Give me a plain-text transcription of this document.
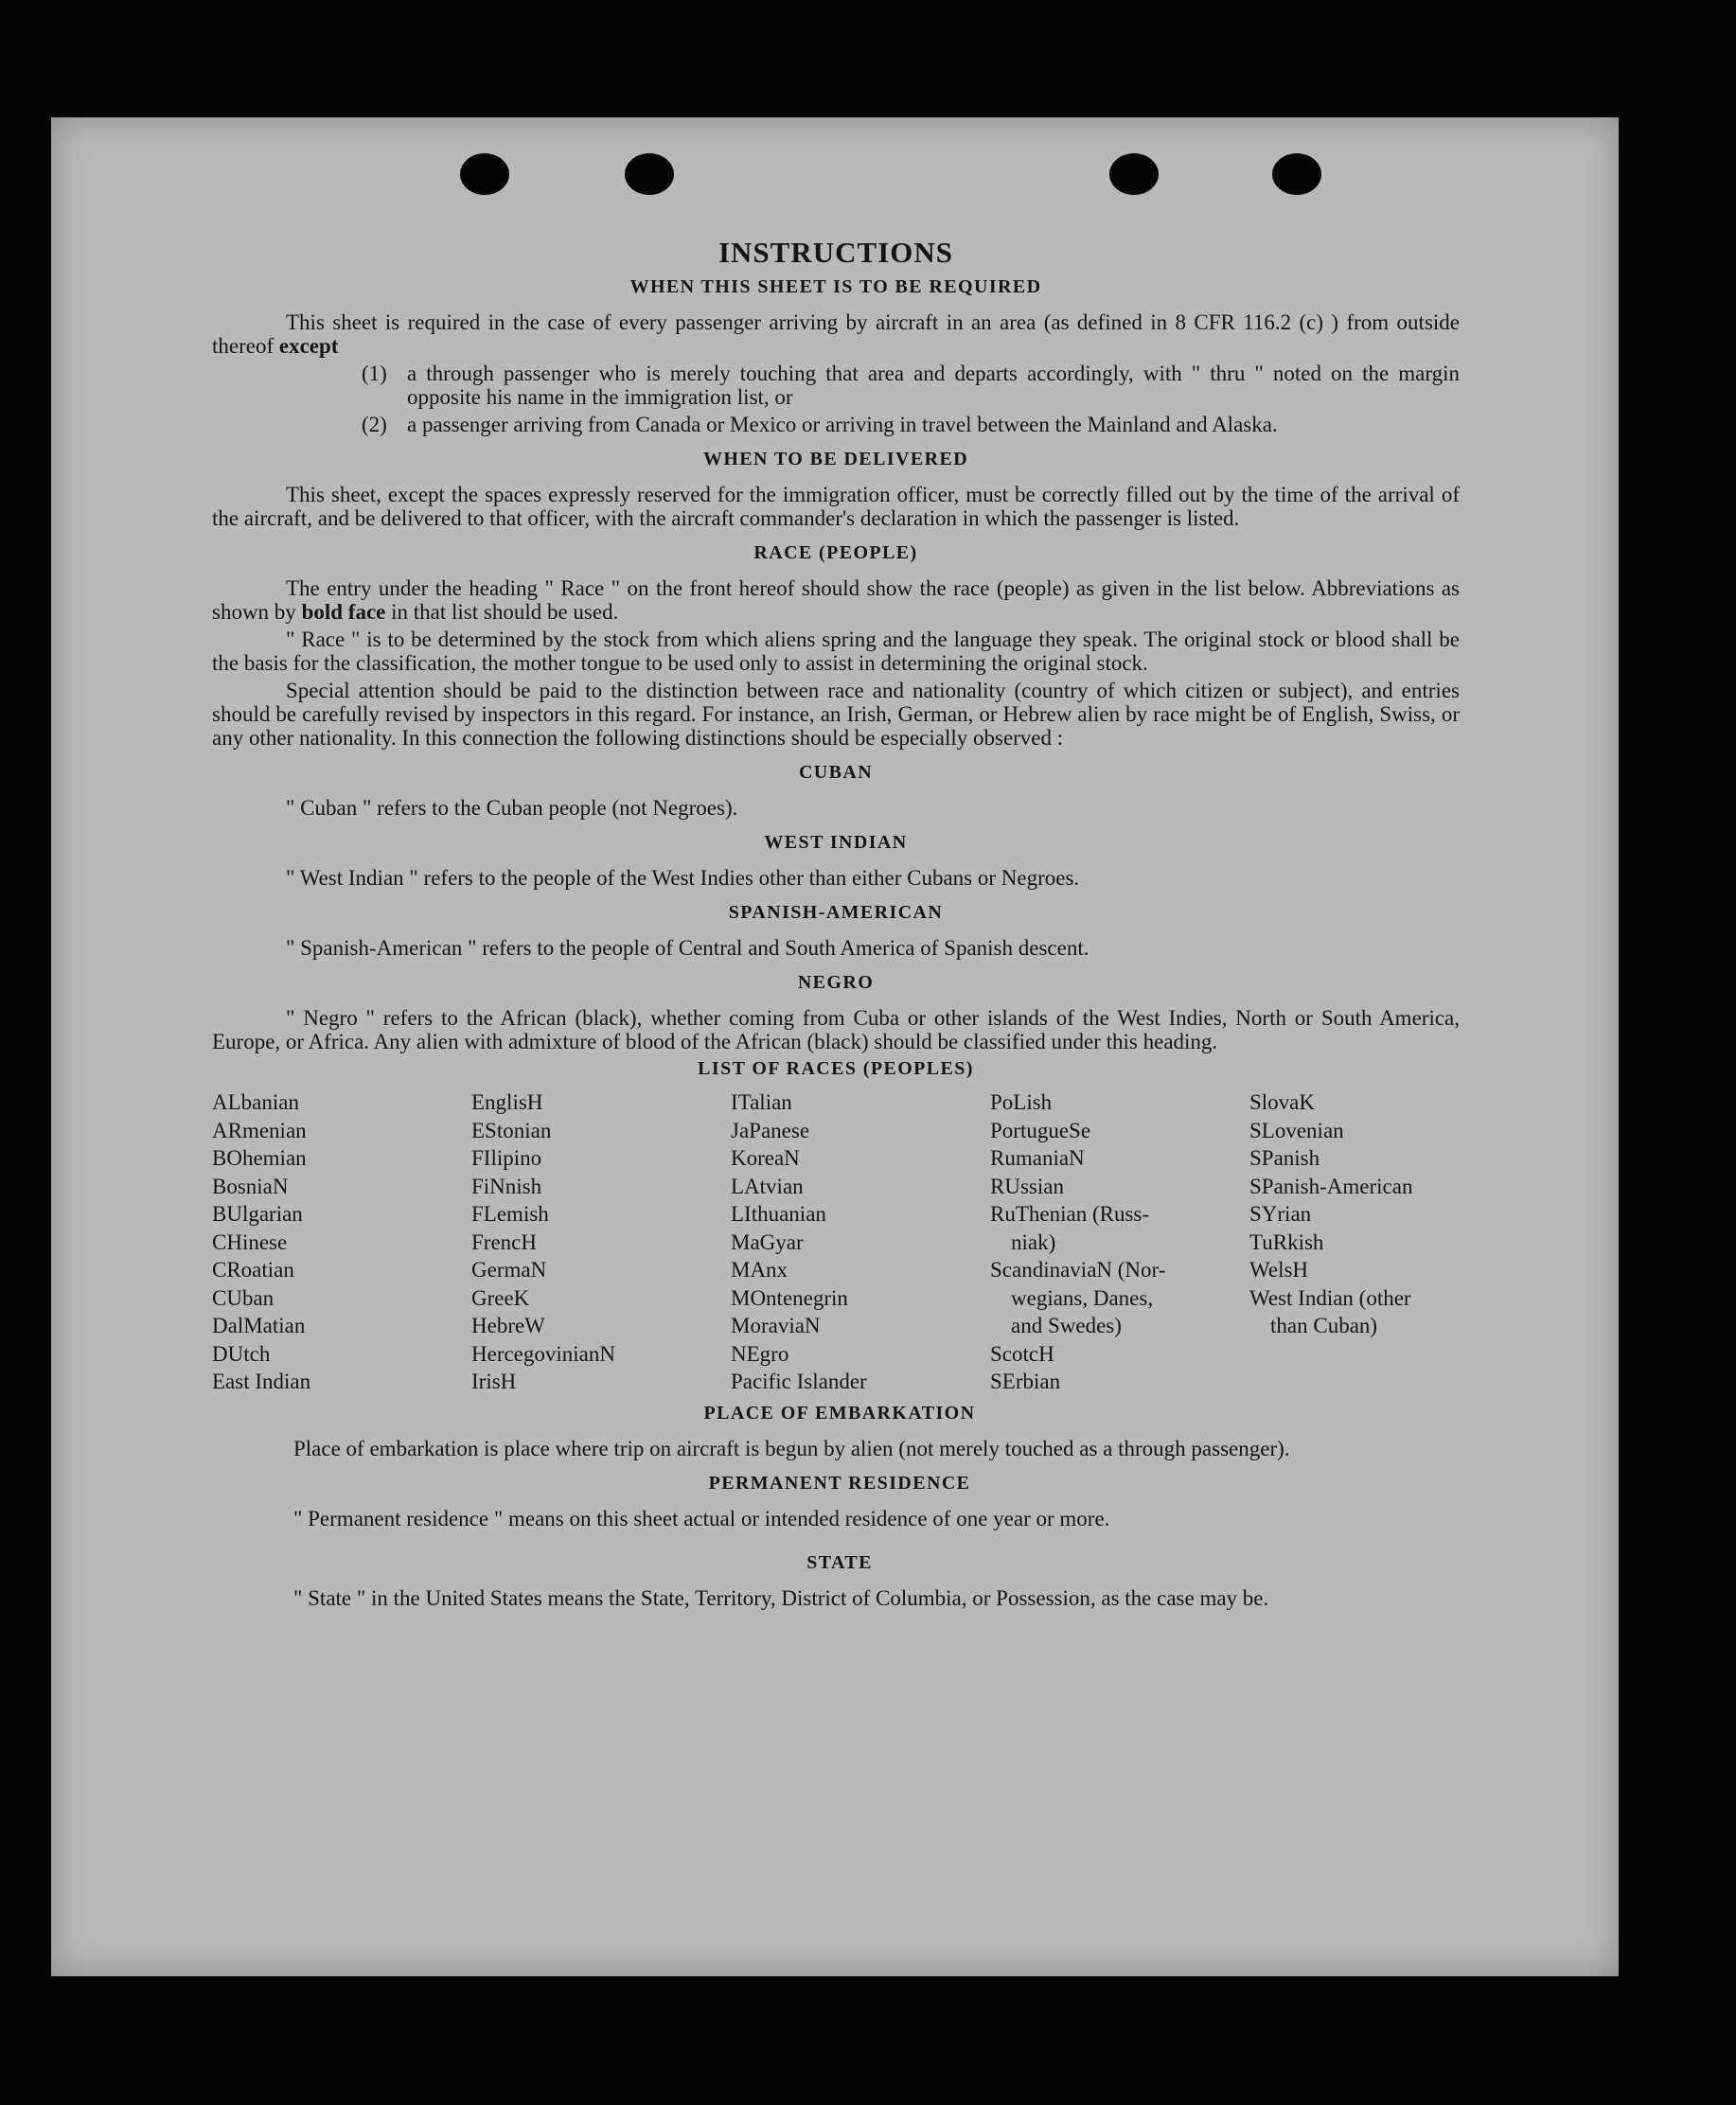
INSTRUCTIONS
WHEN THIS SHEET IS TO BE REQUIRED

This sheet is required in the case of every passenger arriving by aircraft in an area (as defined in 8 CFR 116.2 (c) ) from outside thereof except

(1) a through passenger who is merely touching that area and departs accordingly, with " thru " noted on the margin opposite his name in the immigration list, or
(2) a passenger arriving from Canada or Mexico or arriving in travel between the Mainland and Alaska.
WHEN TO BE DELIVERED

This sheet, except the spaces expressly reserved for the immigration officer, must be correctly filled out by the time of the arrival of the aircraft, and be delivered to that officer, with the aircraft commander's declaration in which the passenger is listed.

RACE (PEOPLE)

The entry under the heading " Race " on the front hereof should show the race (people) as given in the list below. Abbreviations as shown by bold face in that list should be used.

" Race " is to be determined by the stock from which aliens spring and the language they speak. The original stock or blood shall be the basis for the classification, the mother tongue to be used only to assist in determining the original stock.

Special attention should be paid to the distinction between race and nationality (country of which citizen or subject), and entries should be carefully revised by inspectors in this regard. For instance, an Irish, German, or Hebrew alien by race might be of English, Swiss, or any other nationality. In this connection the following distinctions should be especially observed :

CUBAN

" Cuban " refers to the Cuban people (not Negroes).

WEST INDIAN

" West Indian " refers to the people of the West Indies other than either Cubans or Negroes.

SPANISH-AMERICAN

" Spanish-American " refers to the people of Central and South America of Spanish descent.

NEGRO

" Negro " refers to the African (black), whether coming from Cuba or other islands of the West Indies, North or South America, Europe, or Africa. Any alien with admixture of blood of the African (black) should be classified under this heading.

LIST OF RACES (PEOPLES)
ALbanian
ARmenian
BOhemian
BosniaN
BUlgarian
CHinese
CRoatian
CUban
DalMatian
DUtch
East Indian
EnglisH
EStonian
FIlipino
FiNnish
FLemish
FrencH
GermaN
GreeK
HebreW
HercegovinianN
IrisH
ITalian
JaPanese
KoreaN
LAtvian
LIthuanian
MaGyar
MAnx
MOntenegrin
MoraviaN
NEgro
Pacific Islander
PoLish
PortugueSe
RumaniaN
RUssian
RuThenian (Russ-
niak)
ScandinaviaN (Nor-
wegians, Danes,
and Swedes)
ScotcH
SErbian
SlovaK
SLovenian
SPanish
SPanish-American
SYrian
TuRkish
WelsH
West Indian (other
than Cuban)
PLACE OF EMBARKATION

Place of embarkation is place where trip on aircraft is begun by alien (not merely touched as a through passenger).

PERMANENT RESIDENCE

" Permanent residence " means on this sheet actual or intended residence of one year or more.

STATE

" State " in the United States means the State, Territory, District of Columbia, or Possession, as the case may be.
